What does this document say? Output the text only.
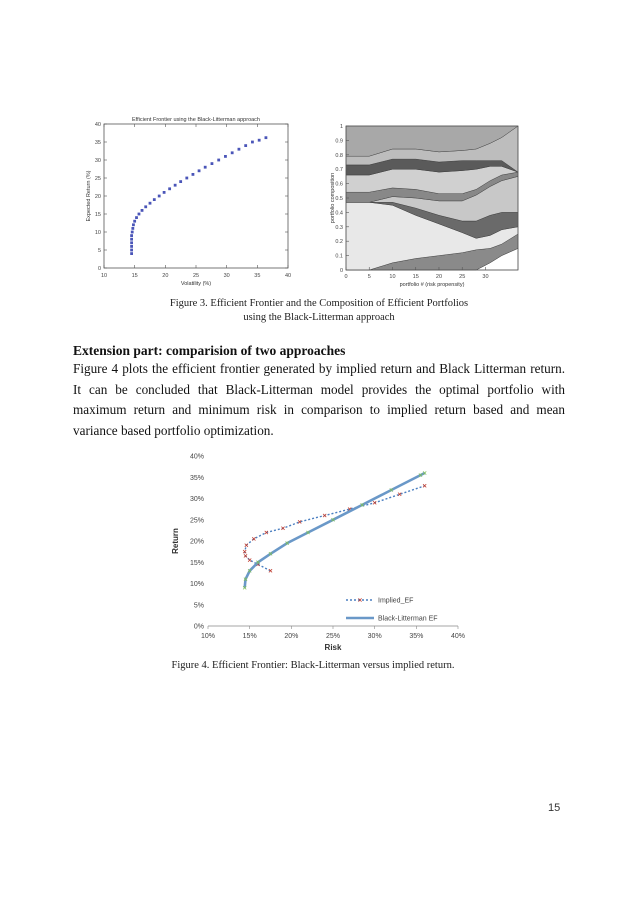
10	15	20	25	30	35	40
0
5
10
15
20
25
30
35
40
Efficient Frontier using the Black-Litterman approach
Volatility (%)
Expected Return (%)
0
0.1
0.2
0.3
0.4
0.5
0.6
0.7
0.8
0.9
1
0	5	10	15	20	25	30
portfolio # (risk propensity)
portfolio composition
Figure 3. Efficient Frontier and the Composition of Efficient Portfolios
using the Black-Litterman approach
Extension part: comparision of two approaches
Figure 4 plots the efficient frontier generated by implied return and Black Litterman return. It can be concluded that Black-Litterman model provides the optimal portfolio with maximum return and minimum risk in comparison to implied return based and mean variance based portfolio optimization.
10%	15%	20%	25%	30%	35%	40%
0%
5%
10%
15%
20%
25%
30%
35%
40%
Risk
Return
Implied_EF
Black-Litterman EF
Figure 4. Efficient Frontier: Black-Litterman versus implied return.
15
